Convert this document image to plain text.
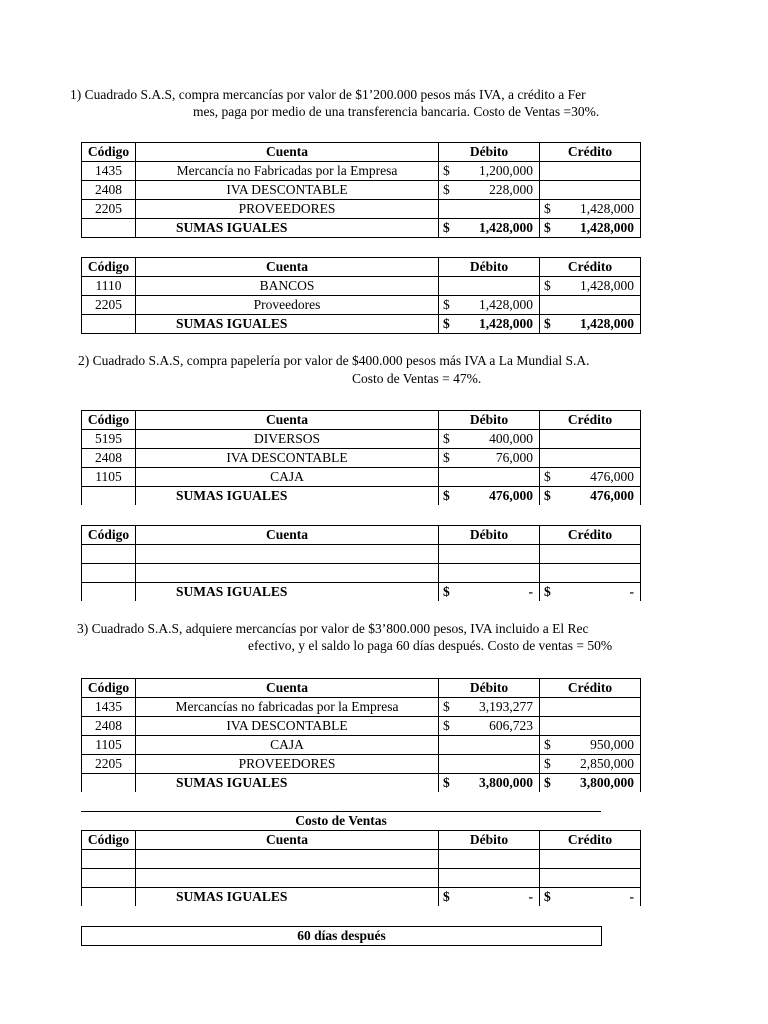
1) Cuadrado S.A.S, compra mercancías por valor de $1’200.000 pesos más IVA, a crédito a Fer
mes, paga por medio de una transferencia bancaria. Costo de Ventas =30%.
Código	Cuenta	Débito	Crédito
1435	Mercancía no Fabricadas por la Empresa	$ 1,200,000	

2408	IVA DESCONTABLE	$ 228,000	

2205	PROVEEDORES		$ 1,428,000

	SUMAS IGUALES	$ 1,428,000	$ 1,428,000
Código	Cuenta	Débito	Crédito
1110	BANCOS		$ 1,428,000

2205	Proveedores	$ 1,428,000	

	SUMAS IGUALES	$ 1,428,000	$ 1,428,000
2) Cuadrado S.A.S, compra papelería por valor de $400.000 pesos más IVA a La Mundial S.A.
Costo de Ventas = 47%.
Código	Cuenta	Débito	Crédito
5195	DIVERSOS	$ 400,000	

2408	IVA DESCONTABLE	$ 76,000	

1105	CAJA		$ 476,000

	SUMAS IGUALES	$ 476,000	$ 476,000
Código	Cuenta	Débito	Crédito

	SUMAS IGUALES	$ -	$ -
3) Cuadrado S.A.S, adquiere mercancías por valor de $3’800.000 pesos, IVA incluido a El Rec
efectivo, y el saldo lo paga 60 días después. Costo de ventas = 50%
Código	Cuenta	Débito	Crédito
1435	Mercancías no fabricadas por la Empresa	$ 3,193,277	

2408	IVA DESCONTABLE	$ 606,723	

1105	CAJA		$ 950,000

2205	PROVEEDORES		$ 2,850,000

	SUMAS IGUALES	$ 3,800,000	$ 3,800,000
Costo de Ventas
Código	Cuenta	Débito	Crédito

	SUMAS IGUALES	$ -	$ -
60 días después
